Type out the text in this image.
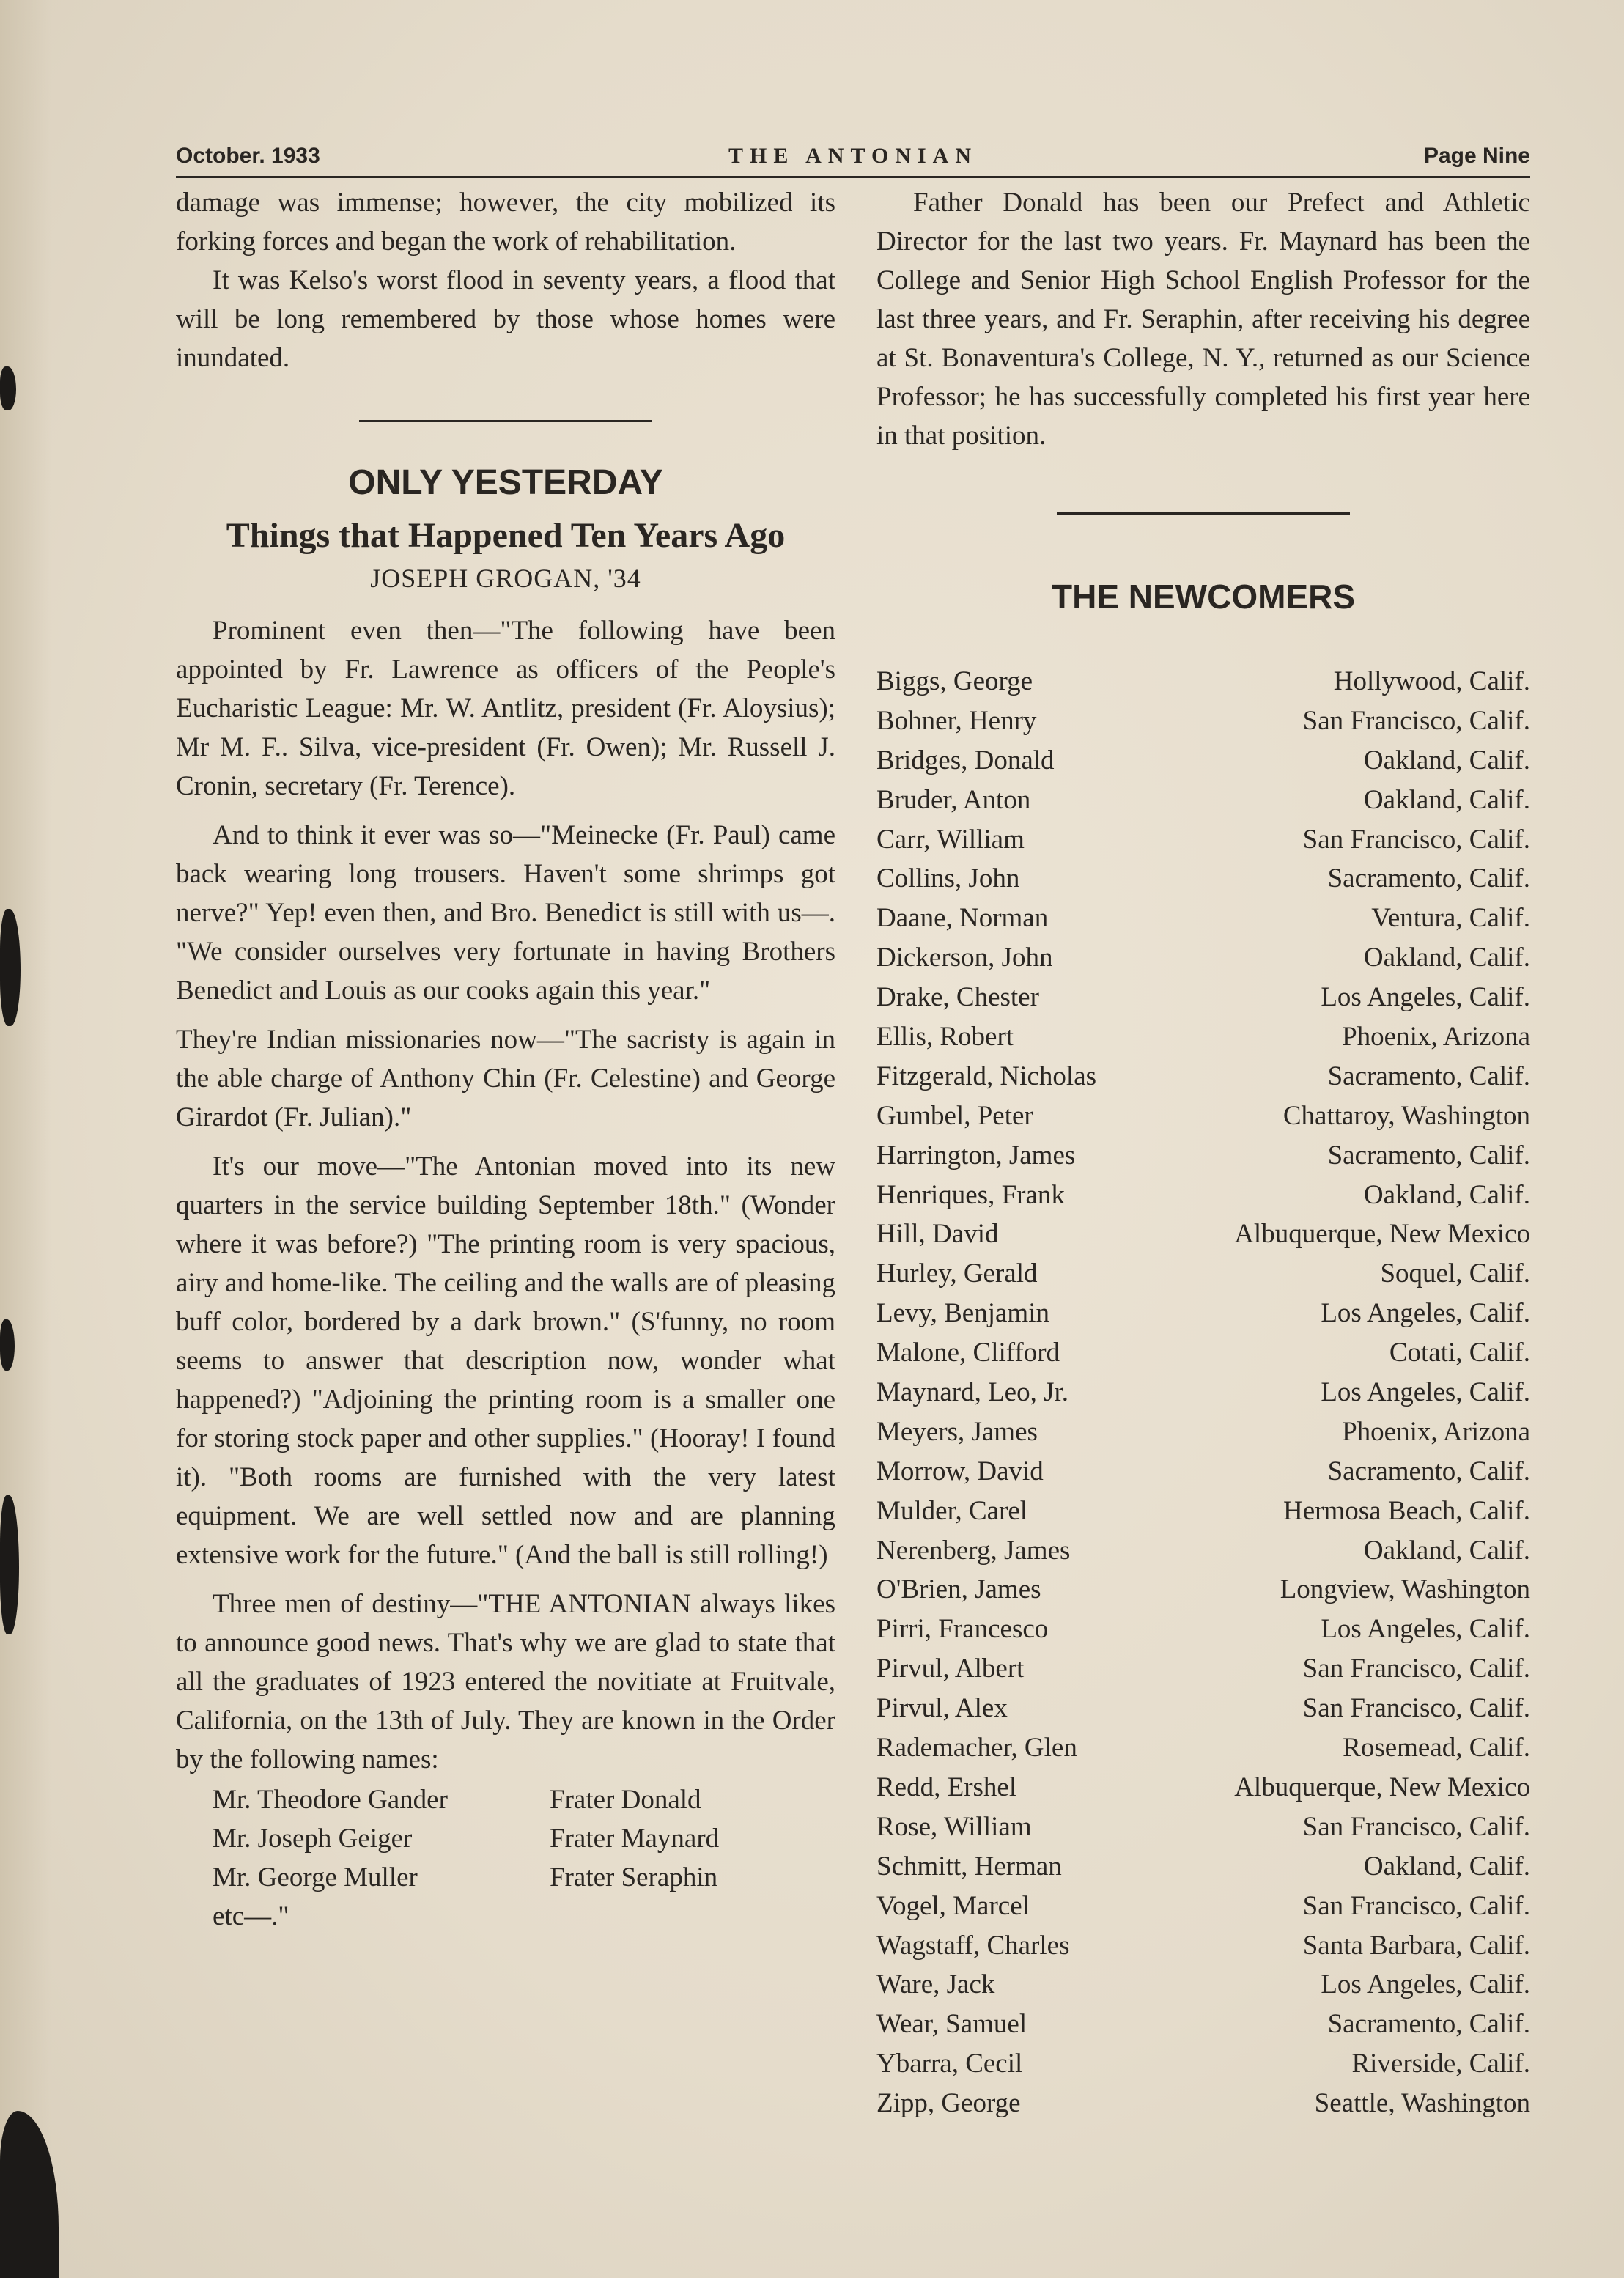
October. 1933	THE ANTONIAN	Page Nine

damage was immense; however, the city mobilized its forking forces and began the work of rehabilitation.

It was Kelso's worst flood in seventy years, a flood that will be long remembered by those whose homes were inundated.

ONLY YESTERDAY
Things that Happened Ten Years Ago
JOSEPH GROGAN, '34

Prominent even then—"The following have been appointed by Fr. Lawrence as officers of the People's Eucharistic League: Mr. W. Antlitz, president (Fr. Aloysius); Mr M. F.. Silva, vice-president (Fr. Owen); Mr. Russell J. Cronin, secretary (Fr. Terence).

And to think it ever was so—"Meinecke (Fr. Paul) came back wearing long trousers. Haven't some shrimps got nerve?" Yep! even then, and Bro. Benedict is still with us—. "We consider ourselves very fortunate in having Brothers Benedict and Louis as our cooks again this year."

They're Indian missionaries now—"The sacristy is again in the able charge of Anthony Chin (Fr. Celestine) and George Girardot (Fr. Julian)."

It's our move—"The Antonian moved into its new quarters in the service building September 18th." (Wonder where it was before?) "The printing room is very spacious, airy and home-like. The ceiling and the walls are of pleasing buff color, bordered by a dark brown." (S'funny, no room seems to answer that description now, wonder what happened?) "Adjoining the printing room is a smaller one for storing stock paper and other supplies." (Hooray! I found it). "Both rooms are furnished with the very latest equipment. We are well settled now and are planning extensive work for the future." (And the ball is still rolling!)

Three men of destiny—"THE ANTONIAN always likes to announce good news. That's why we are glad to state that all the graduates of 1923 entered the novitiate at Fruitvale, California, on the 13th of July. They are known in the Order by the following names:

Mr. Theodore Gander	Frater Donald
Mr. Joseph Geiger	Frater Maynard
Mr. George Muller	Frater Seraphin
etc—."

Father Donald has been our Prefect and Athletic Director for the last two years. Fr. Maynard has been the College and Senior High School English Professor for the last three years, and Fr. Seraphin, after receiving his degree at St. Bonaventura's College, N. Y., returned as our Science Professor; he has successfully completed his first year here in that position.

THE NEWCOMERS
Biggs, George	Hollywood, Calif.
Bohner, Henry	San Francisco, Calif.
Bridges, Donald	Oakland, Calif.
Bruder, Anton	Oakland, Calif.
Carr, William	San Francisco, Calif.
Collins, John	Sacramento, Calif.
Daane, Norman	Ventura, Calif.
Dickerson, John	Oakland, Calif.
Drake, Chester	Los Angeles, Calif.
Ellis, Robert	Phoenix, Arizona
Fitzgerald, Nicholas	Sacramento, Calif.
Gumbel, Peter	Chattaroy, Washington
Harrington, James	Sacramento, Calif.
Henriques, Frank	Oakland, Calif.
Hill, David	Albuquerque, New Mexico
Hurley, Gerald	Soquel, Calif.
Levy, Benjamin	Los Angeles, Calif.
Malone, Clifford	Cotati, Calif.
Maynard, Leo, Jr.	Los Angeles, Calif.
Meyers, James	Phoenix, Arizona
Morrow, David	Sacramento, Calif.
Mulder, Carel	Hermosa Beach, Calif.
Nerenberg, James	Oakland, Calif.
O'Brien, James	Longview, Washington
Pirri, Francesco	Los Angeles, Calif.
Pirvul, Albert	San Francisco, Calif.
Pirvul, Alex	San Francisco, Calif.
Rademacher, Glen	Rosemead, Calif.
Redd, Ershel	Albuquerque, New Mexico
Rose, William	San Francisco, Calif.
Schmitt, Herman	Oakland, Calif.
Vogel, Marcel	San Francisco, Calif.
Wagstaff, Charles	Santa Barbara, Calif.
Ware, Jack	Los Angeles, Calif.
Wear, Samuel	Sacramento, Calif.
Ybarra, Cecil	Riverside, Calif.
Zipp, George	Seattle, Washington
